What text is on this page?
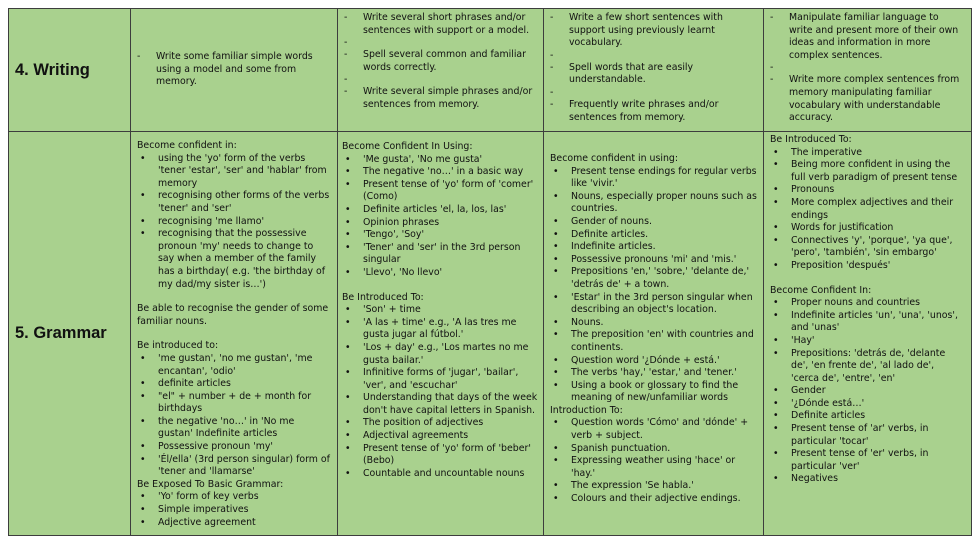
4. Writing
- Write some familiar simple words using a model and some from memory.
- Write several short phrases and/or sentences with support or a model.
-
- Spell several common and familiar words correctly.
-
- Write several simple phrases and/or sentences from memory.
- Write a few short sentences with support using previously learnt vocabulary.
-
- Spell words that are easily understandable.
-
- Frequently write phrases and/or sentences from memory.
- Manipulate familiar language to write and present more of their own ideas and information in more complex sentences.
-
- Write more complex sentences from memory manipulating familiar vocabulary with understandable accuracy.
5. Grammar

Become confident in:

• using the 'yo' form of the verbs 'tener 'estar', 'ser' and 'hablar' from memory
• recognising other forms of the verbs 'tener' and 'ser'
• recognising 'me llamo'
• recognising that the possessive pronoun 'my' needs to change to say when a member of the family has a birthday( e.g. 'the birthday of my dad/my sister is…')

Be able to recognise the gender of some familiar nouns.

Be introduced to:

• 'me gustan', 'no me gustan', 'me encantan', 'odio'
• definite articles
• "el" + number + de + month for birthdays
• the negative 'no…' in 'No me gustan' Indefinite articles
• Possessive pronoun 'my'
• 'Él/ella' (3rd person singular) form of 'tener and 'llamarse'

Be Exposed To Basic Grammar:

• 'Yo' form of key verbs
• Simple imperatives
• Adjective agreement

Become Confident In Using:

• 'Me gusta', 'No me gusta'
• The negative 'no…' in a basic way
• Present tense of 'yo' form of 'comer' (Como)
• Definite articles 'el, la, los, las'
• Opinion phrases
• 'Tengo', 'Soy'
• 'Tener' and 'ser' in the 3rd person singular
• 'Llevo', 'No llevo'

Be Introduced To:

• 'Son' + time
• 'A las + time' e.g., 'A las tres me gusta jugar al fútbol.'
• 'Los + day' e.g., 'Los martes no me gusta bailar.'
• Infinitive forms of 'jugar', 'bailar', 'ver', and 'escuchar'
• Understanding that days of the week don't have capital letters in Spanish.
• The position of adjectives
• Adjectival agreements
• Present tense of 'yo' form of 'beber' (Bebo)
• Countable and uncountable nouns

Become confident in using:

• Present tense endings for regular verbs like 'vivir.'
• Nouns, especially proper nouns such as countries.
• Gender of nouns.
• Definite articles.
• Indefinite articles.
• Possessive pronouns 'mi' and 'mis.'
• Prepositions 'en,' 'sobre,' 'delante de,' 'detrás de' + a town.
• 'Estar' in the 3rd person singular when describing an object's location.
• Nouns.
• The preposition 'en' with countries and continents.
• Question word '¿Dónde + está.'
• The verbs 'hay,' 'estar,' and 'tener.'
• Using a book or glossary to find the meaning of new/unfamiliar words

Introduction To:

• Question words 'Cómo' and 'dónde' + verb + subject.
• Spanish punctuation.
• Expressing weather using 'hace' or 'hay.'
• The expression 'Se habla.'
• Colours and their adjective endings.

Be Introduced To:

• The imperative
• Being more confident in using the full verb paradigm of present tense
• Pronouns
• More complex adjectives and their endings
• Words for justification
• Connectives 'y', 'porque', 'ya que', 'pero', 'también', 'sin embargo'
• Preposition 'después'

Become Confident In:

• Proper nouns and countries
• Indefinite articles 'un', 'una', 'unos', and 'unas'
• 'Hay'
• Prepositions: 'detrás de, 'delante de', 'en frente de', 'al lado de', 'cerca de', 'entre', 'en'
• Gender
• '¿Dónde está…'
• Definite articles
• Present tense of 'ar' verbs, in particular 'tocar'
• Present tense of 'er' verbs, in particular 'ver'
• Negatives
